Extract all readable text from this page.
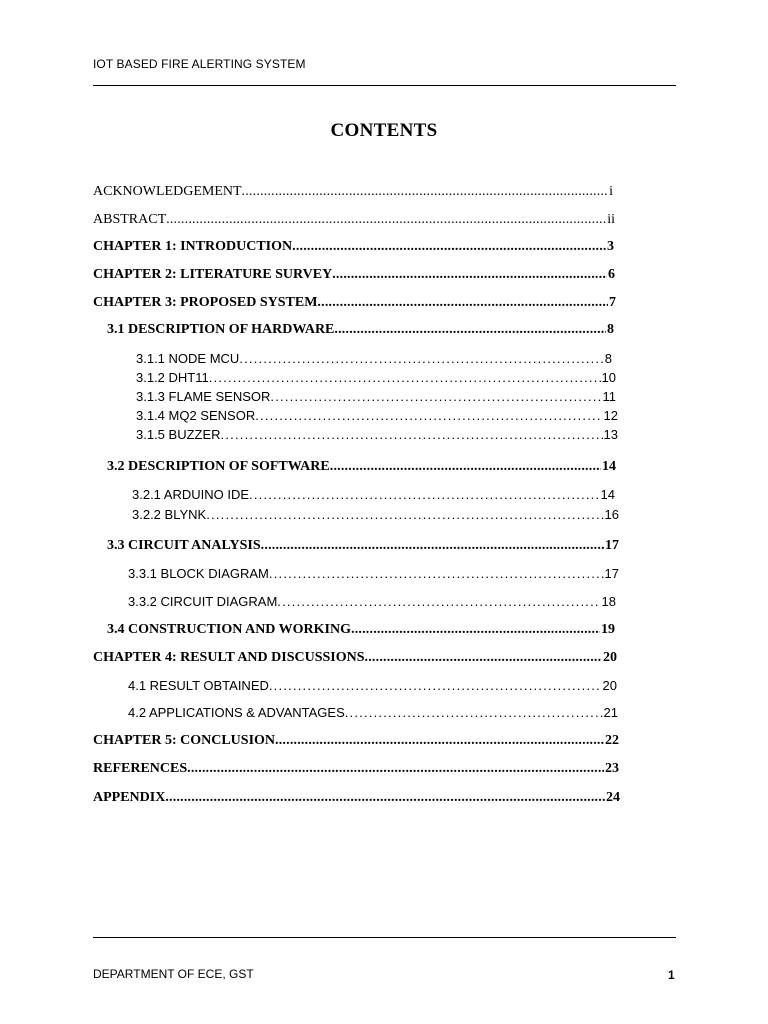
IOT BASED FIRE ALERTING SYSTEM
CONTENTS
ACKNOWLEDGEMENT .....	i
ABSTRACT .....	ii
CHAPTER 1: INTRODUCTION .....	3
CHAPTER 2: LITERATURE SURVEY .....	6
CHAPTER 3: PROPOSED SYSTEM .....	7
3.1 DESCRIPTION OF HARDWARE .....	8
3.1.1 NODE MCU .....	8
3.1.2 DHT11 .....	10
3.1.3 FLAME SENSOR .....	11
3.1.4 MQ2 SENSOR .....	12
3.1.5 BUZZER .....	13
3.2 DESCRIPTION OF SOFTWARE .....	14
3.2.1 ARDUINO IDE .....	14
3.2.2 BLYNK .....	16
3.3 CIRCUIT ANALYSIS .....	17
3.3.1 BLOCK DIAGRAM .....	17
3.3.2 CIRCUIT DIAGRAM .....	18
3.4 CONSTRUCTION AND WORKING .....	19
CHAPTER 4: RESULT AND DISCUSSIONS .....	20
4.1 RESULT OBTAINED .....	20
4.2 APPLICATIONS & ADVANTAGES .....	21
CHAPTER 5: CONCLUSION .....	22
REFERENCES .....	23
APPENDIX .....	24
DEPARTMENT OF ECE, GST	1
